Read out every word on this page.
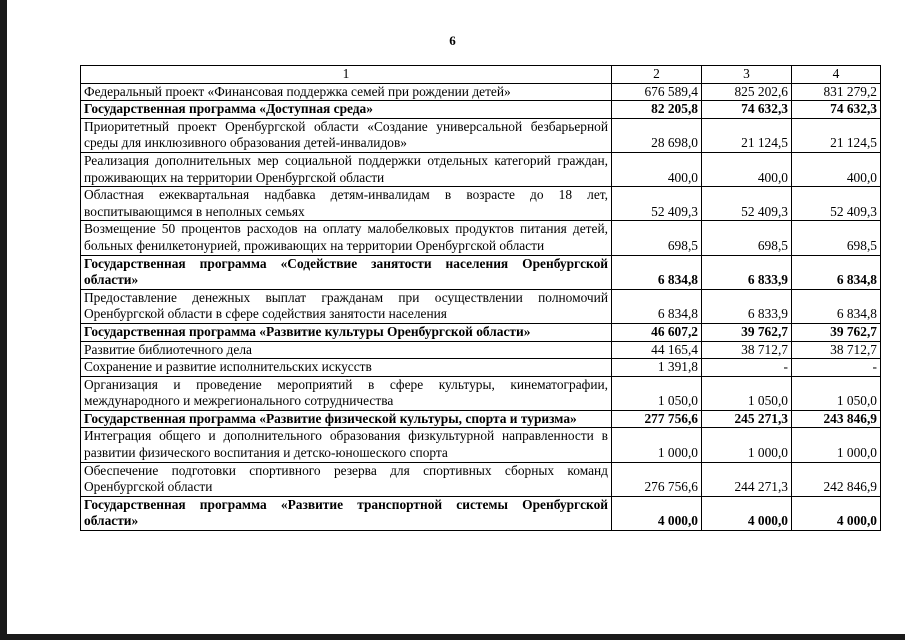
6
1	2	3	4
Федеральный проект «Финансовая поддержка семей при рождении детей»	676 589,4	825 202,6	831 279,2
Государственная программа «Доступная среда»	82 205,8	74 632,3	74 632,3
Приоритетный проект Оренбургской области «Создание универсальной безбарьерной среды для инклюзивного образования детей-инвалидов»	28 698,0	21 124,5	21 124,5
Реализация дополнительных мер социальной поддержки отдельных категорий граждан, проживающих на территории Оренбургской области	400,0	400,0	400,0
Областная ежеквартальная надбавка детям-инвалидам в возрасте до 18 лет, воспитывающимся в неполных семьях	52 409,3	52 409,3	52 409,3
Возмещение 50 процентов расходов на оплату малобелковых продуктов питания детей, больных фенилкетонурией, проживающих на территории Оренбургской области	698,5	698,5	698,5
Государственная программа «Содействие занятости населения Оренбургской области»	6 834,8	6 833,9	6 834,8
Предоставление денежных выплат гражданам при осуществлении полномочий Оренбургской области в сфере содействия занятости населения	6 834,8	6 833,9	6 834,8
Государственная программа «Развитие культуры Оренбургской области»	46 607,2	39 762,7	39 762,7
Развитие библиотечного дела	44 165,4	38 712,7	38 712,7
Сохранение и развитие исполнительских искусств	1 391,8	-	-
Организация и проведение мероприятий в сфере культуры, кинематографии, международного и межрегионального сотрудничества	1 050,0	1 050,0	1 050,0
Государственная программа «Развитие физической культуры, спорта и туризма»	277 756,6	245 271,3	243 846,9
Интеграция общего и дополнительного образования физкультурной направленности в развитии физического воспитания и детско-юношеского спорта	1 000,0	1 000,0	1 000,0
Обеспечение подготовки спортивного резерва для спортивных сборных команд Оренбургской области	276 756,6	244 271,3	242 846,9
Государственная программа «Развитие транспортной системы Оренбургской области»	4 000,0	4 000,0	4 000,0
